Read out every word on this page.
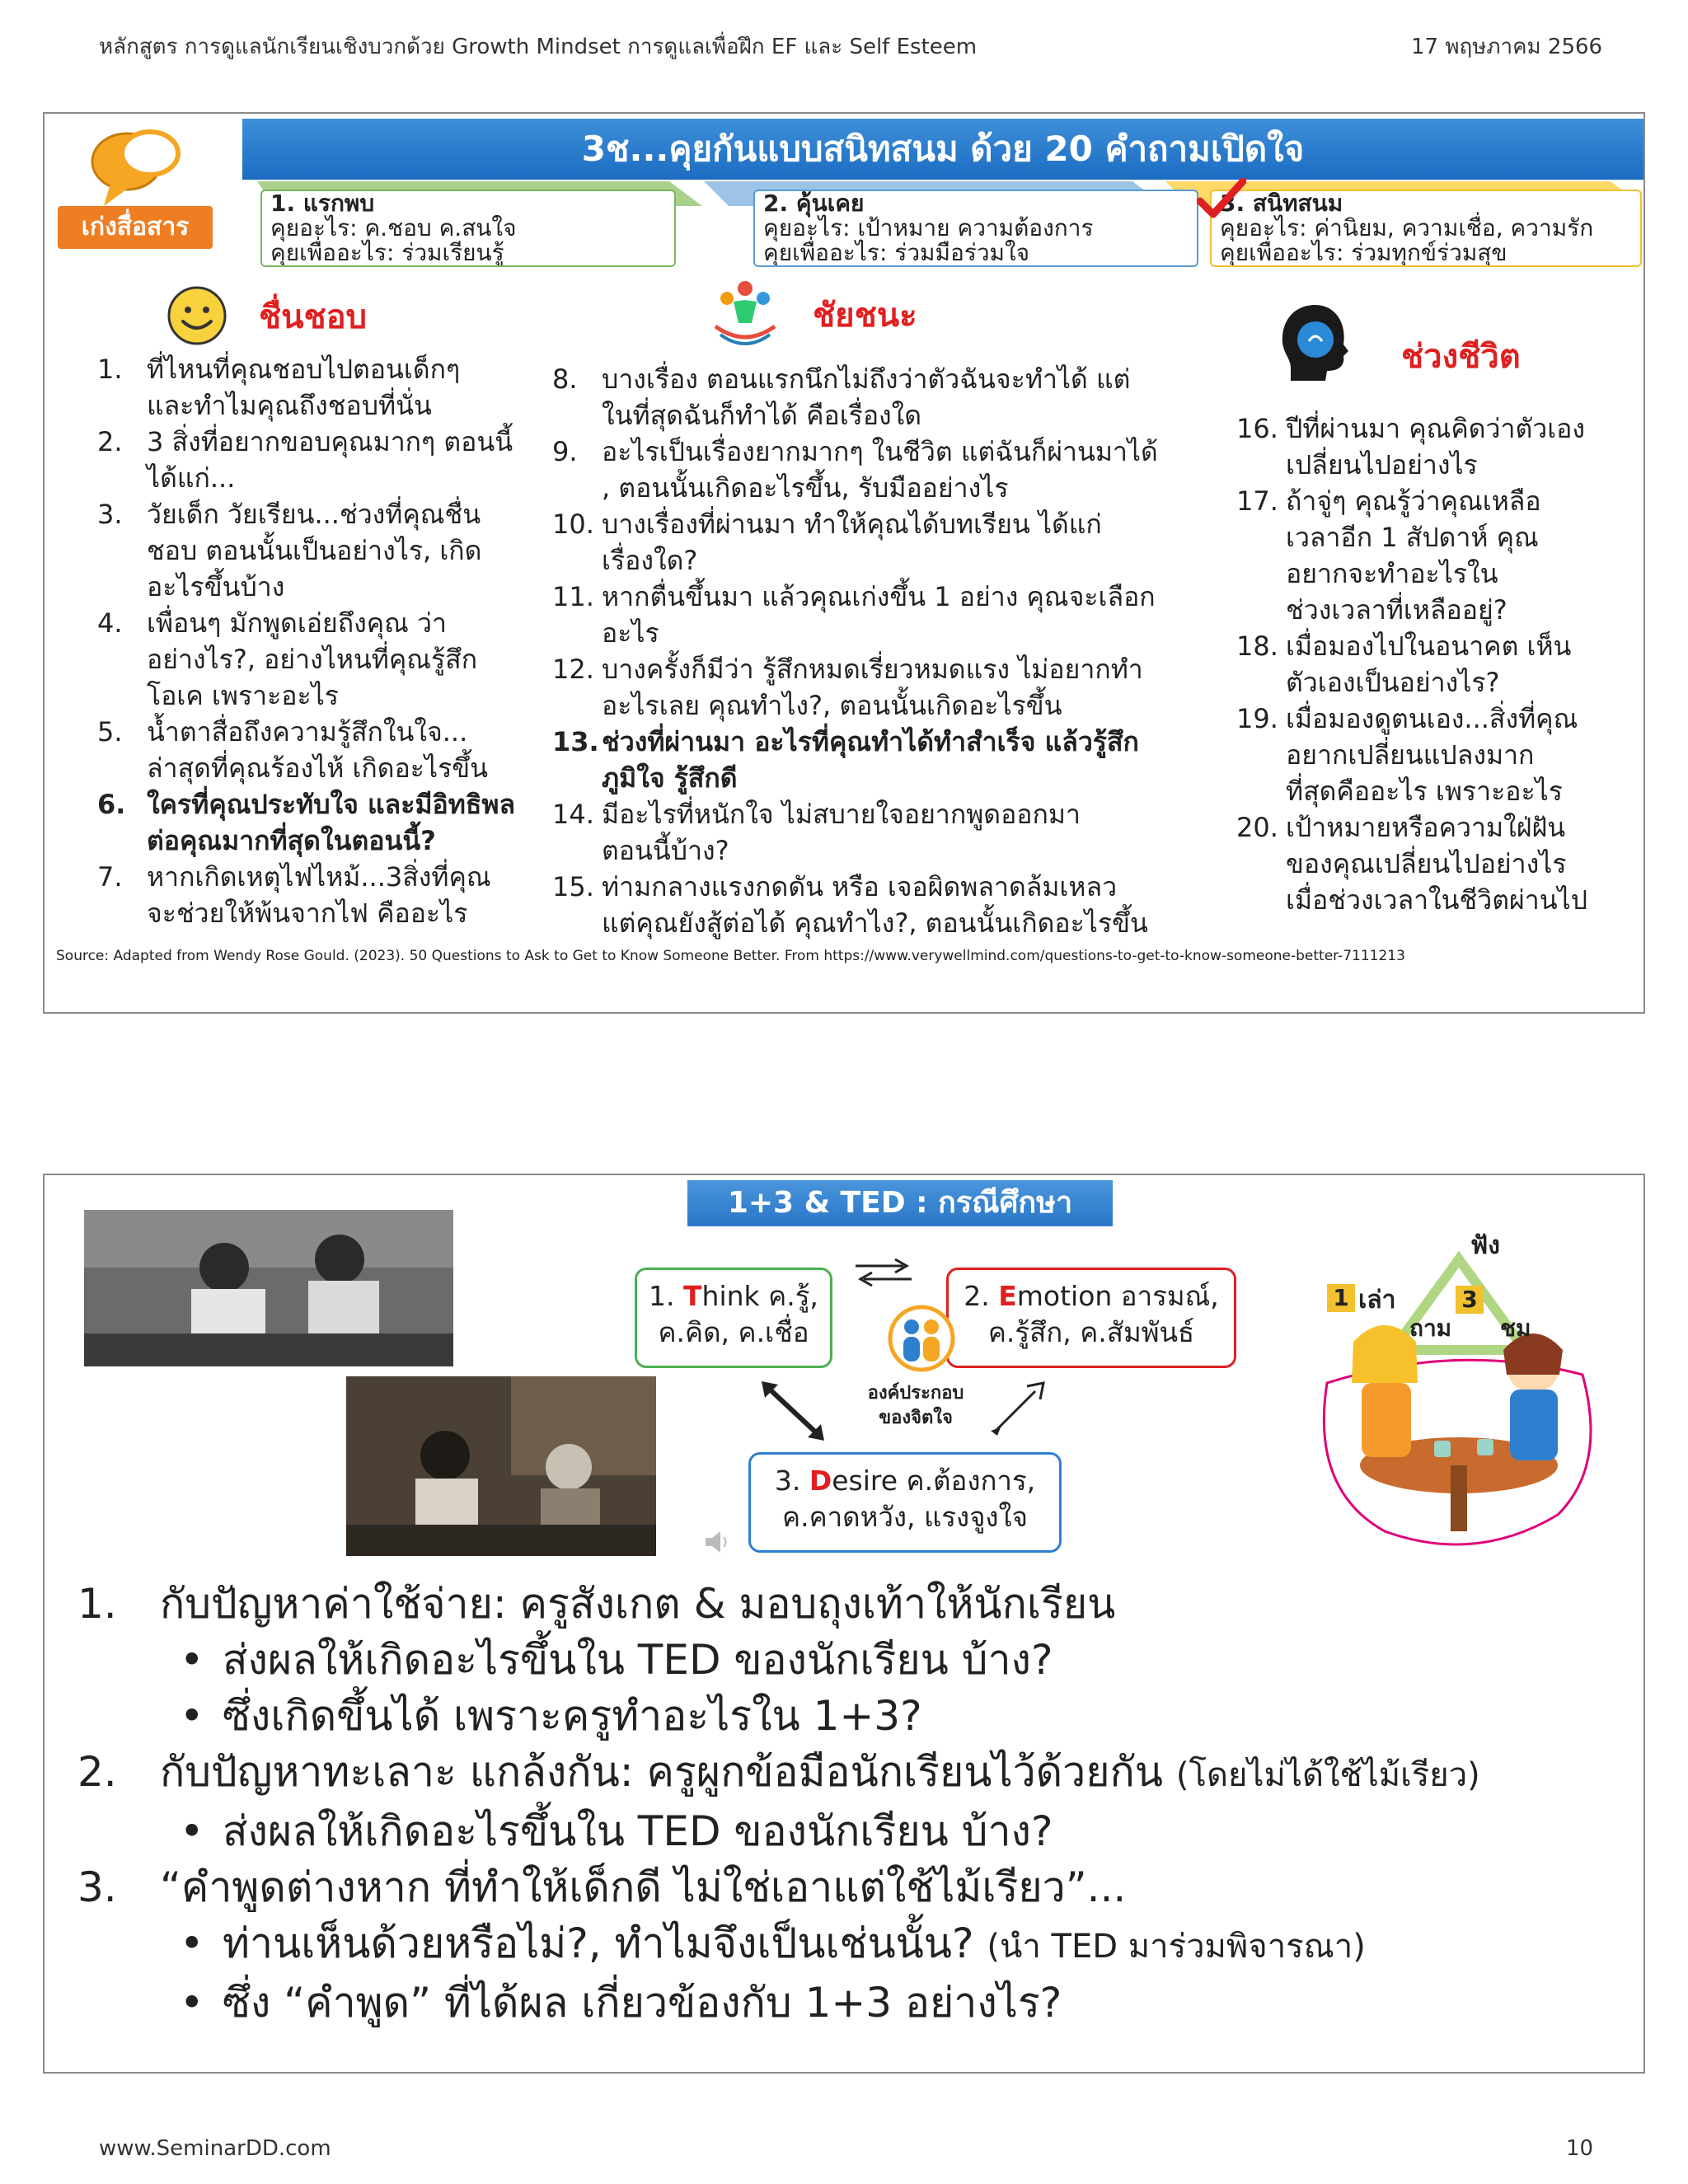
หลักสูตร การดูแลนักเรียนเชิงบวกด้วย Growth Mindset การดูแลเพื่อฝึก EF และ Self Esteem	17 พฤษภาคม 2566
3ช...คุยกันแบบสนิทสนม ด้วย 20 คำถามเปิดใจ
เก่งสื่อสาร
1. แรกพบ
คุยอะไร: ค.ชอบ ค.สนใจ
คุยเพื่ออะไร: ร่วมเรียนรู้
2. คุ้นเคย
คุยอะไร: เป้าหมาย ความต้องการ
คุยเพื่ออะไร: ร่วมมือร่วมใจ
3. สนิทสนม
คุยอะไร: ค่านิยม, ความเชื่อ, ความรัก
คุยเพื่ออะไร: ร่วมทุกข์ร่วมสุข
ชื่นชอบ	ชัยชนะ
ช่วงชีวิต
1. ที่ไหนที่คุณชอบไปตอนเด็กๆ
และทำไมคุณถึงชอบที่นั่น
2. 3 สิ่งที่อยากขอบคุณมากๆ ตอนนี้
ได้แก่...
3. วัยเด็ก วัยเรียน...ช่วงที่คุณชื่น
ชอบ ตอนนั้นเป็นอย่างไร, เกิด
อะไรขึ้นบ้าง
4. เพื่อนๆ มักพูดเอ่ยถึงคุณ ว่า
อย่างไร?, อย่างไหนที่คุณรู้สึก
โอเค เพราะอะไร
5. น้ำตาสื่อถึงความรู้สึกในใจ...
ล่าสุดที่คุณร้องไห้ เกิดอะไรขึ้น
6. ใครที่คุณประทับใจ และมีอิทธิพล
ต่อคุณมากที่สุดในตอนนี้?
7. หากเกิดเหตุไฟไหม้...3สิ่งที่คุณ
จะช่วยให้พ้นจากไฟ คืออะไร
8. บางเรื่อง ตอนแรกนึกไม่ถึงว่าตัวฉันจะทำได้ แต่
ในที่สุดฉันก็ทำได้ คือเรื่องใด
9. อะไรเป็นเรื่องยากมากๆ ในชีวิต แต่ฉันก็ผ่านมาได้
, ตอนนั้นเกิดอะไรขึ้น, รับมืออย่างไร
10. บางเรื่องที่ผ่านมา ทำให้คุณได้บทเรียน ได้แก่
เรื่องใด?
11. หากตื่นขึ้นมา แล้วคุณเก่งขึ้น 1 อย่าง คุณจะเลือก
อะไร
12. บางครั้งก็มีว่า รู้สึกหมดเรี่ยวหมดแรง ไม่อยากทำ
อะไรเลย คุณทำไง?, ตอนนั้นเกิดอะไรขึ้น
13. ช่วงที่ผ่านมา อะไรที่คุณทำได้ทำสำเร็จ แล้วรู้สึก
ภูมิใจ รู้สึกดี
14. มีอะไรที่หนักใจ ไม่สบายใจอยากพูดออกมา
ตอนนี้บ้าง?
15. ท่ามกลางแรงกดดัน หรือ เจอผิดพลาดล้มเหลว
แต่คุณยังสู้ต่อได้ คุณทำไง?, ตอนนั้นเกิดอะไรขึ้น
16. ปีที่ผ่านมา คุณคิดว่าตัวเอง
เปลี่ยนไปอย่างไร
17. ถ้าจู่ๆ คุณรู้ว่าคุณเหลือ
เวลาอีก 1 สัปดาห์ คุณ
อยากจะทำอะไรใน
ช่วงเวลาที่เหลืออยู่?
18. เมื่อมองไปในอนาคต เห็น
ตัวเองเป็นอย่างไร?
19. เมื่อมองดูตนเอง...สิ่งที่คุณ
อยากเปลี่ยนแปลงมาก
ที่สุดคืออะไร เพราะอะไร
20. เป้าหมายหรือความใฝ่ฝัน
ของคุณเปลี่ยนไปอย่างไร
เมื่อช่วงเวลาในชีวิตผ่านไป
Source: Adapted from Wendy Rose Gould. (2023). 50 Questions to Ask to Get to Know Someone Better. From https://www.verywellmind.com/questions-to-get-to-know-someone-better-7111213
1+3 & TED : กรณีศึกษา
1. Think ค.รู้,
ค.คิด, ค.เชื่อ
2. Emotion อารมณ์,
ค.รู้สึก, ค.สัมพันธ์
3. Desire ค.ต้องการ,
ค.คาดหวัง, แรงจูงใจ
องค์ประกอบ
ของจิตใจ
ฟัง
1 เล่า
ถาม
3
ชม
1. กับปัญหาค่าใช้จ่าย: ครูสังเกต & มอบถุงเท้าให้นักเรียน
• ส่งผลให้เกิดอะไรขึ้นใน TED ของนักเรียน บ้าง?
• ซึ่งเกิดขึ้นได้ เพราะครูทำอะไรใน 1+3?
2. กับปัญหาทะเลาะ แกล้งกัน: ครูผูกข้อมือนักเรียนไว้ด้วยกัน (โดยไม่ได้ใช้ไม้เรียว)
• ส่งผลให้เกิดอะไรขึ้นใน TED ของนักเรียน บ้าง?
3. “คำพูดต่างหาก ที่ทำให้เด็กดี ไม่ใช่เอาแต่ใช้ไม้เรียว”...
• ท่านเห็นด้วยหรือไม่?, ทำไมจึงเป็นเช่นนั้น? (นำ TED มาร่วมพิจารณา)
• ซึ่ง “คำพูด” ที่ได้ผล เกี่ยวข้องกับ 1+3 อย่างไร?
www.SeminarDD.com	10
